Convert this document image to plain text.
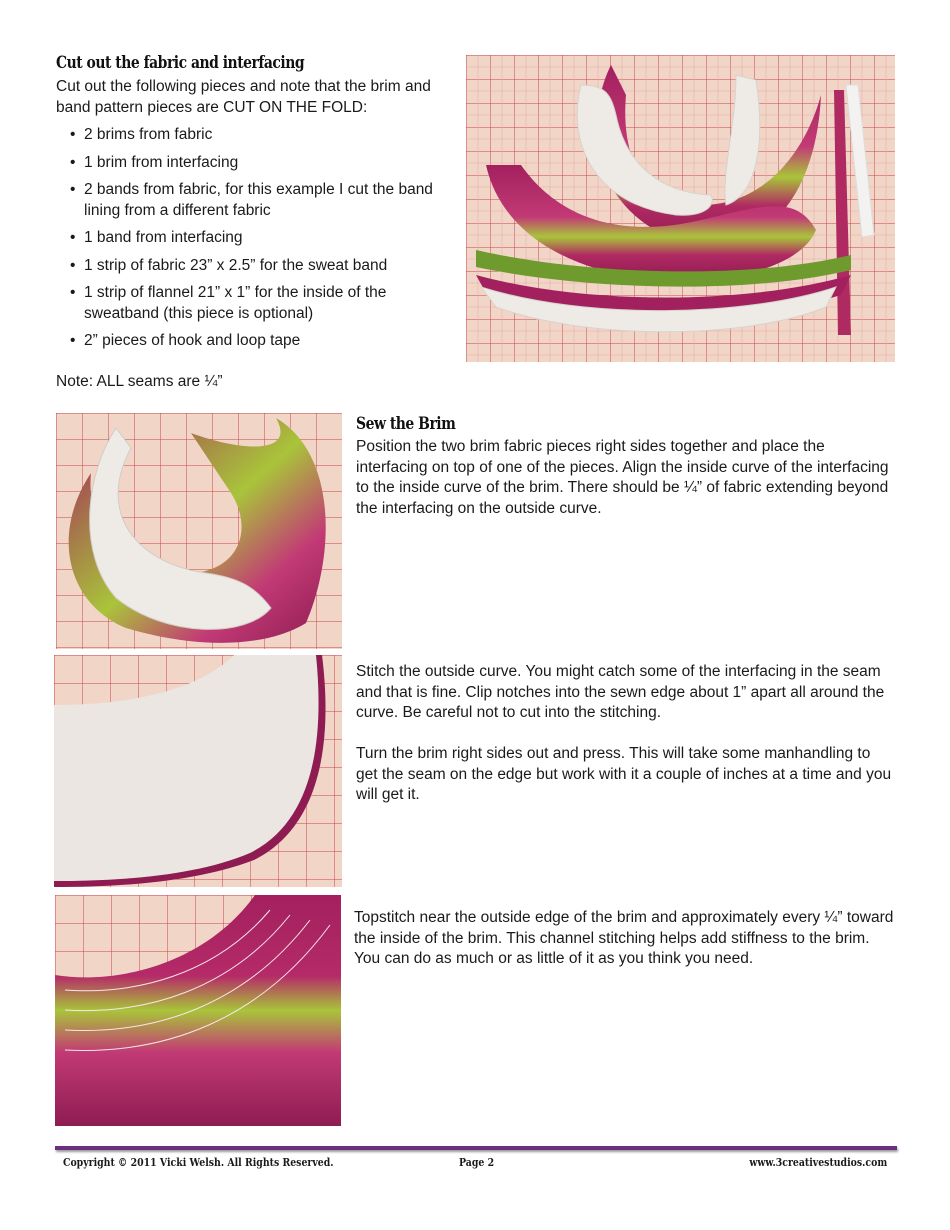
Cut out the fabric and interfacing
Cut out the following pieces and note that the brim and band pattern pieces are CUT ON THE FOLD:
• 2 brims from fabric
• 1 brim from interfacing
• 2 bands from fabric, for this example I cut the band lining from a different fabric
• 1 band from interfacing
• 1 strip of fabric 23” x 2.5” for the sweat band
• 1 strip of flannel 21” x 1” for the inside of the sweatband (this piece is optional)
• 2” pieces of hook and loop tape
Note: ALL seams are ¼”
Sew the Brim
Position the two brim fabric pieces right sides together and place the interfacing on top of one of the pieces. Align the inside curve of the interfacing to the inside curve of the brim. There should be ¼” of fabric extending beyond the interfacing on the outside curve.
Stitch the outside curve. You might catch some of the interfacing in the seam and that is fine. Clip notches into the sewn edge about 1” apart all around the curve. Be careful not to cut into the stitching.
Turn the brim right sides out and press. This will take some manhandling to get the seam on the edge but work with it a couple of inches at a time and you will get it.
Topstitch near the outside edge of the brim and approximately every ¼” toward the inside of the brim. This channel stitching helps add stiffness to the brim. You can do as much or as little of it as you think you need.
Copyright © 2011 Vicki Welsh. All Rights Reserved.	Page 2	www.3creativestudios.com
